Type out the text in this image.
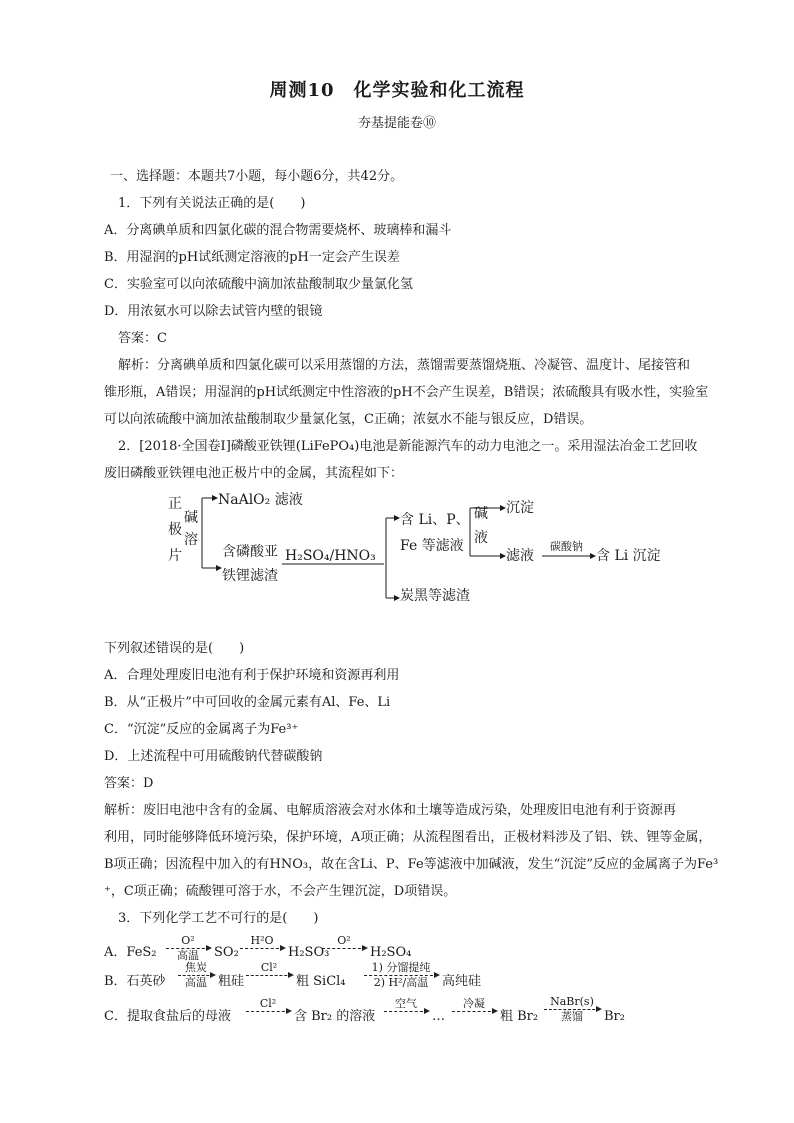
周测10　化学实验和化工流程
夯基提能卷⑩
一、选择题：本题共7小题，每小题6分，共42分。
1．下列有关说法正确的是(　　)
A．分离碘单质和四氯化碳的混合物需要烧杯、玻璃棒和漏斗
B．用湿润的pH试纸测定溶液的pH一定会产生误差
C．实验室可以向浓硫酸中滴加浓盐酸制取少量氯化氢
D．用浓氨水可以除去试管内壁的银镜
答案：C
解析：分离碘单质和四氯化碳可以采用蒸馏的方法，蒸馏需要蒸馏烧瓶、冷凝管、温度计、尾接管和
锥形瓶，A错误；用湿润的pH试纸测定中性溶液的pH不会产生误差，B错误；浓硫酸具有吸水性，实验室
可以向浓硫酸中滴加浓盐酸制取少量氯化氢，C正确；浓氨水不能与银反应，D错误。
2．[2018·全国卷Ⅰ]磷酸亚铁锂(LiFePO₄)电池是新能源汽车的动力电池之一。采用湿法冶金工艺回收
废旧磷酸亚铁锂电池正极片中的金属，其流程如下：
正
极
片
碱
溶
NaAlO₂ 滤液
含磷酸亚
铁锂滤渣
H₂SO₄/HNO₃
含 Li、P、
Fe 等滤液
碱
液
沉淀
滤液
碳酸钠
含 Li 沉淀
炭黑等滤渣
下列叙述错误的是(　　)
A．合理处理废旧电池有利于保护环境和资源再利用
B．从“正极片”中可回收的金属元素有Al、Fe、Li
C．“沉淀”反应的金属离子为Fe³⁺
D．上述流程中可用硫酸钠代替碳酸钠
答案：D
解析：废旧电池中含有的金属、电解质溶液会对水体和土壤等造成污染，处理废旧电池有利于资源再
利用，同时能够降低环境污染，保护环境，A项正确；从流程图看出，正极材料涉及了铝、铁、锂等金属，
B项正确；因流程中加入的有HNO₃，故在含Li、P、Fe等滤液中加碱液，发生“沉淀”反应的金属离子为Fe³
⁺，C项正确；硫酸锂可溶于水，不会产生锂沉淀，D项错误。
3．下列化学工艺不可行的是(　　)
A．FeS₂
O²
高温	SO₂
H²O
H₂SO₃
O²
H₂SO₄
B．石英砂
焦炭
高温 粗硅
Cl²
粗 SiCl₄
1) 分馏提纯
2) H²/高温	高纯硅
C．提取食盐后的母液
Cl²
含 Br₂ 的溶液
空气
…
冷凝
粗 Br₂
NaBr(s)
蒸馏	Br₂
